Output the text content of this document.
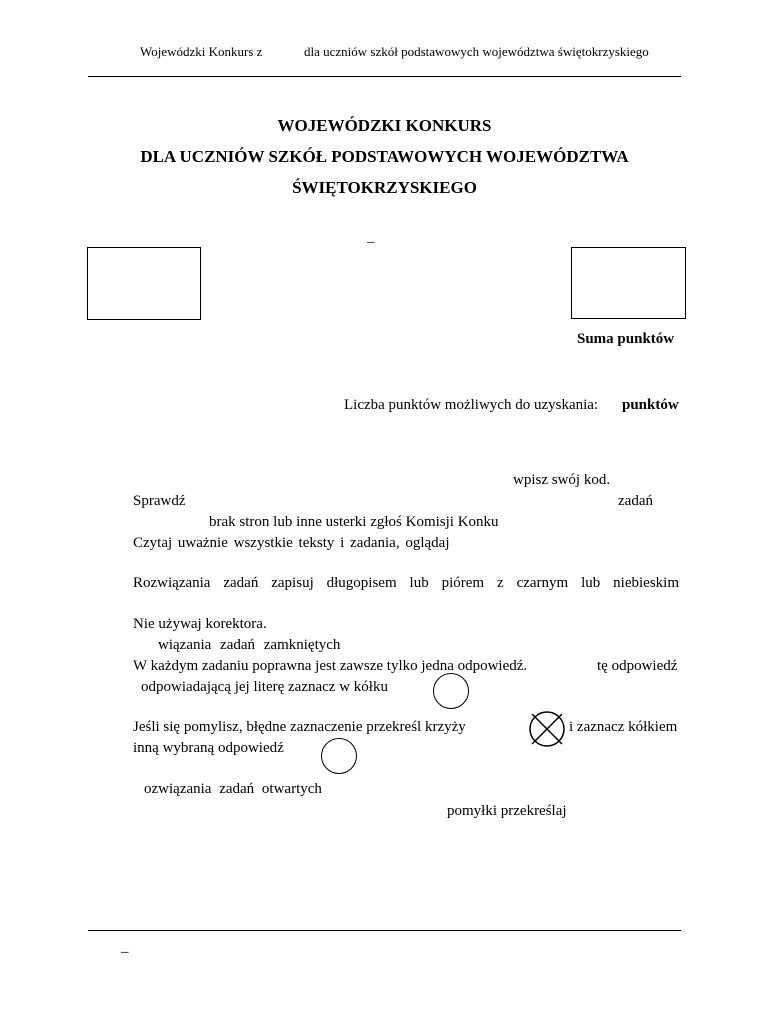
Wojewódzki Konkurs z	dla uczniów szkół podstawowych województwa świętokrzyskiego
WOJEWÓDZKI KONKURS
DLA UCZNIÓW SZKÓŁ PODSTAWOWYCH WOJEWÓDZTWA
ŚWIĘTOKRZYSKIEGO
–
Suma punktów
Liczba punktów możliwych do uzyskania: punktów
wpisz swój kod.
Sprawdź	zadań
brak stron lub inne usterki zgłoś Komisji Konku
Czytaj uważnie wszystkie teksty i zadania, oglądaj
Rozwiązania zadań zapisuj długopisem lub piórem z czarnym lub niebieskim
Nie używaj korektora.
wiązania zadań zamkniętych
W każdym zadaniu poprawna jest zawsze tylko jedna odpowiedź.	tę odpowiedź
odpowiadającą jej literę zaznacz w kółku
Jeśli się pomylisz, błędne zaznaczenie przekreśl krzyży	i zaznacz kółkiem
inną wybraną odpowiedź
ozwiązania zadań otwartych
pomyłki przekreślaj
–
